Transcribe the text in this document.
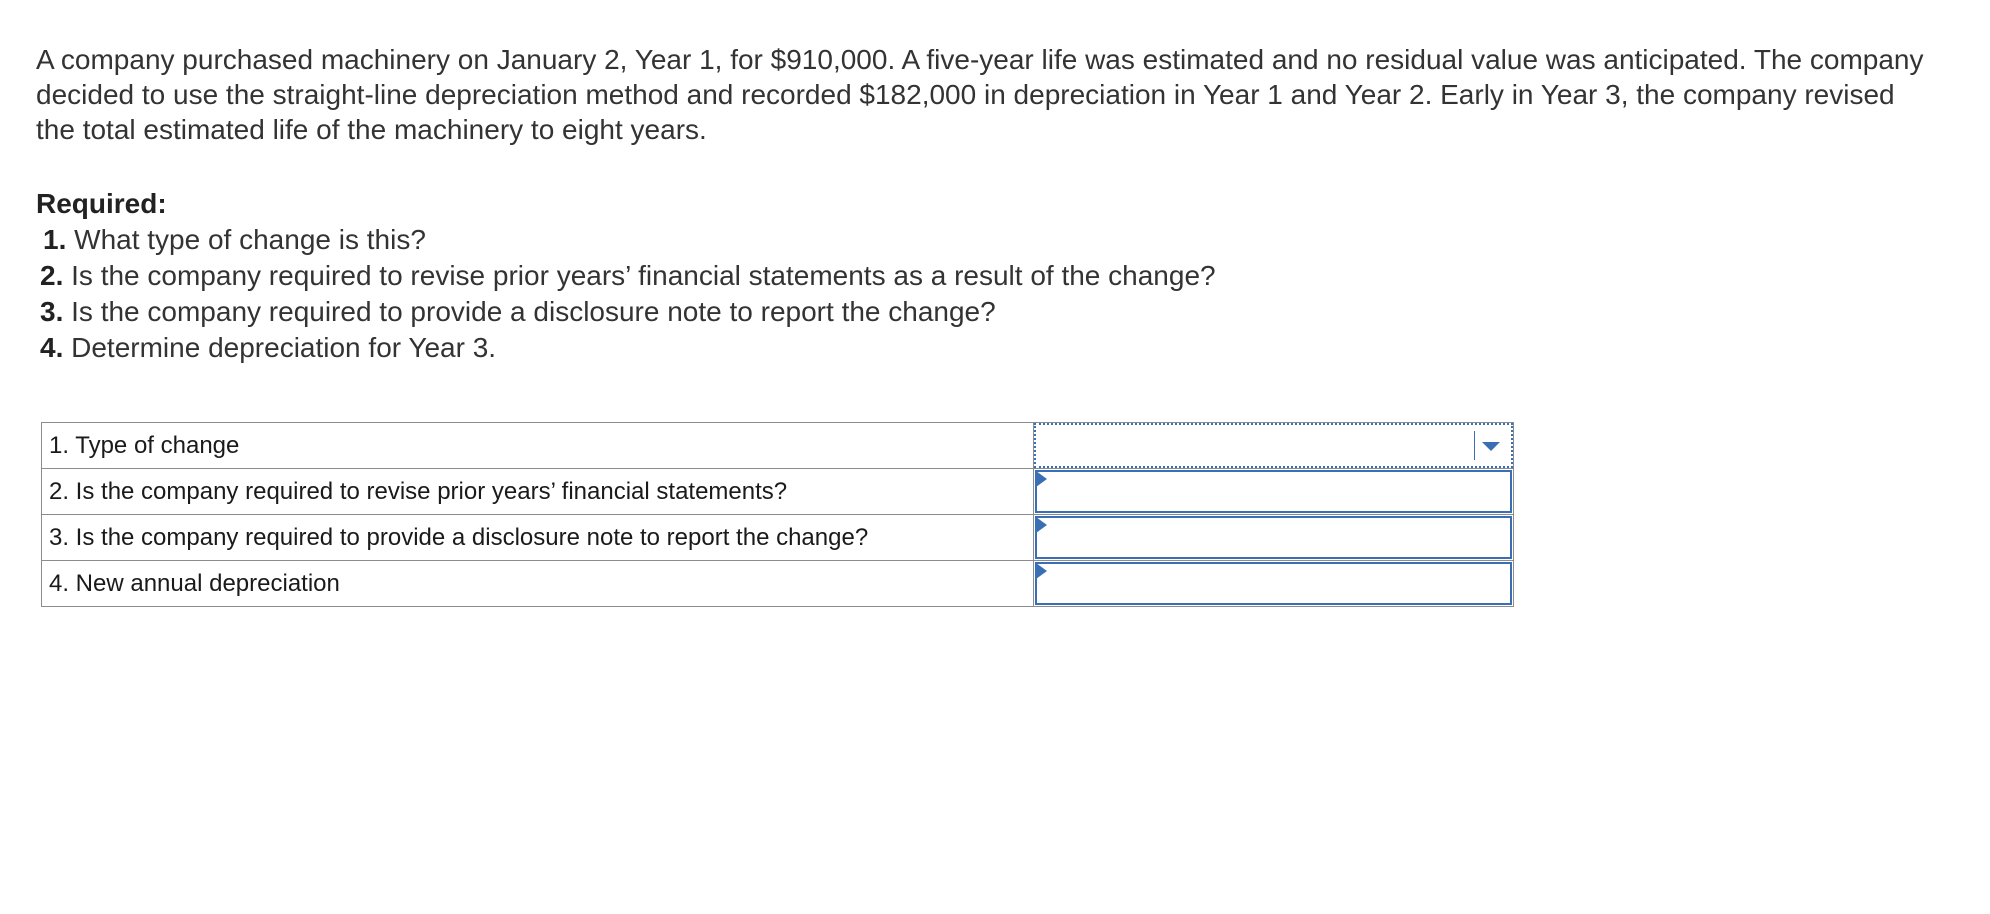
A company purchased machinery on January 2, Year 1, for $910,000. A five-year life was estimated and no residual value was anticipated. The company decided to use the straight-line depreciation method and recorded $182,000 in depreciation in Year 1 and Year 2. Early in Year 3, the company revised the total estimated life of the machinery to eight years.

Required:
1. What type of change is this?
2. Is the company required to revise prior years’ financial statements as a result of the change?
3. Is the company required to provide a disclosure note to report the change?
4. Determine depreciation for Year 3.
1. Type of change	

2. Is the company required to revise prior years’ financial statements?	

3. Is the company required to provide a disclosure note to report the change?	

4. New annual depreciation	
